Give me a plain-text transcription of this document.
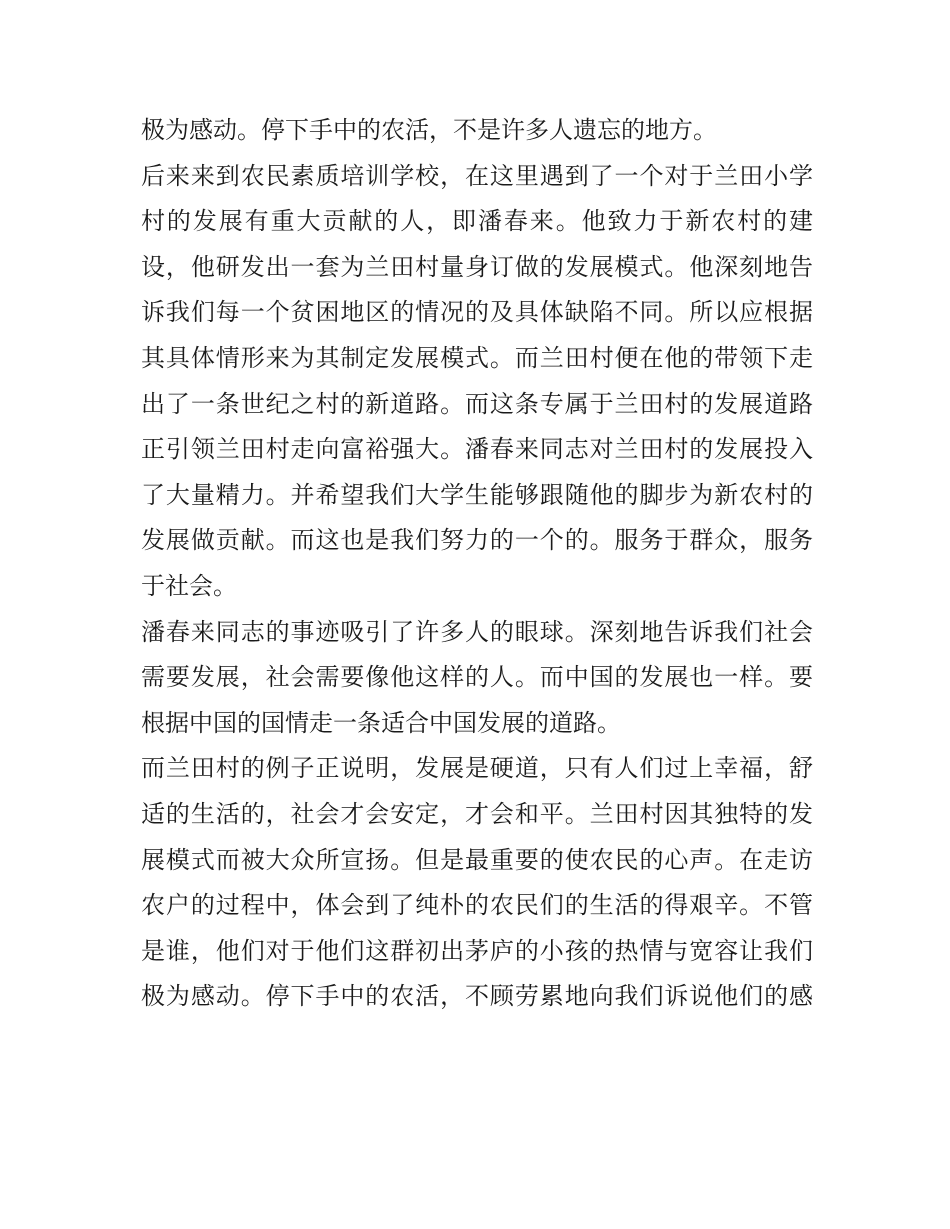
极为感动。停下手中的农活，不是许多人遗忘的地方。
后来来到农民素质培训学校，在这里遇到了一个对于兰田小学
村的发展有重大贡献的人，即潘春来。他致力于新农村的建
设，他研发出一套为兰田村量身订做的发展模式。他深刻地告
诉我们每一个贫困地区的情况的及具体缺陷不同。所以应根据
其具体情形来为其制定发展模式。而兰田村便在他的带领下走
出了一条世纪之村的新道路。而这条专属于兰田村的发展道路
正引领兰田村走向富裕强大。潘春来同志对兰田村的发展投入
了大量精力。并希望我们大学生能够跟随他的脚步为新农村的
发展做贡献。而这也是我们努力的一个的。服务于群众，服务
于社会。
潘春来同志的事迹吸引了许多人的眼球。深刻地告诉我们社会
需要发展，社会需要像他这样的人。而中国的发展也一样。要
根据中国的国情走一条适合中国发展的道路。
而兰田村的例子正说明，发展是硬道，只有人们过上幸福，舒
适的生活的，社会才会安定，才会和平。兰田村因其独特的发
展模式而被大众所宣扬。但是最重要的使农民的心声。在走访
农户的过程中，体会到了纯朴的农民们的生活的得艰辛。不管
是谁，他们对于他们这群初出茅庐的小孩的热情与宽容让我们
极为感动。停下手中的农活，不顾劳累地向我们诉说他们的感
